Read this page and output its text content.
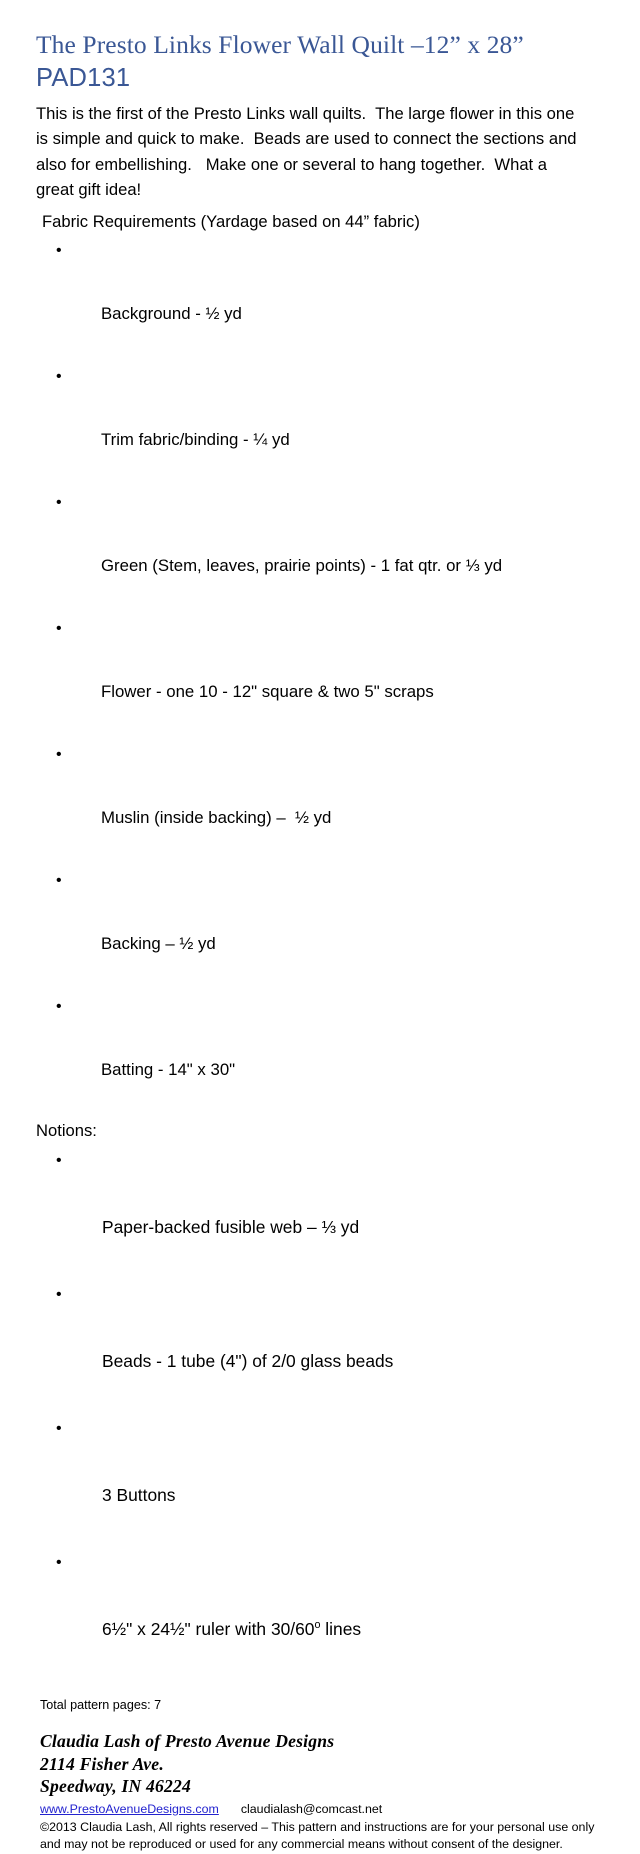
The Presto Links Flower Wall Quilt –12” x 28”
PAD131

This is the first of the Presto Links wall quilts.  The large flower in this one is simple and quick to make.  Beads are used to connect the sections and also for embellishing.   Make one or several to hang together.  What a great gift idea!

Fabric Requirements (Yardage based on 44” fabric)

•

Background - ½ yd

•

Trim fabric/binding - ¼ yd

•

Green (Stem, leaves, prairie points) - 1 fat qtr. or ⅓ yd

•

Flower - one 10 - 12" square & two 5" scraps

•

Muslin (inside backing) –  ½ yd

•

Backing – ½ yd

•

Batting - 14" x 30"

Notions:

•

Paper-backed fusible web – ⅓ yd

•

Beads - 1 tube (4") of 2/0 glass beads

•

3 Buttons

•

6½" x 24½" ruler with 30/60$^o$ lines

Total pattern pages: 7
Claudia Lash of Presto Avenue Designs
2114 Fisher Ave.
Speedway, IN 46224
www.PrestoAvenueDesigns.com claudialash@comcast.net
©2013 Claudia Lash, All rights reserved – This pattern and instructions are for your personal use only and may not be reproduced or used for any commercial means without consent of the designer.
